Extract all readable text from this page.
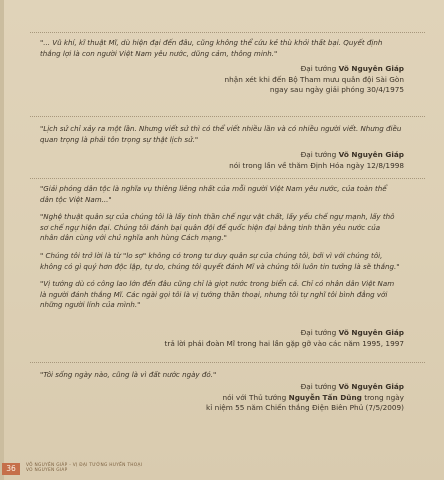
"... Vũ khí, kĩ thuật Mĩ, dù hiện đại đến đâu, cũng không thể cứu kẻ thù khỏi thất bại. Quyết định
thắng lợi là con người Việt Nam yêu nước, dũng cảm, thông minh."
Đại tướng Võ Nguyên Giáp
nhận xét khi đến Bộ Tham mưu quân đội Sài Gòn
ngay sau ngày giải phóng 30/4/1975
"Lịch sử chỉ xảy ra một lần. Nhưng viết sử thì có thể viết nhiều lần và có nhiều người viết. Nhưng điều
quan trọng là phải tôn trọng sự thật lịch sử."
Đại tướng Võ Nguyên Giáp
nói trong lần về thăm Định Hóa ngày 12/8/1998
"Giải phóng dân tộc là nghĩa vụ thiêng liêng nhất của mỗi người Việt Nam yêu nước, của toàn thể
dân tộc Việt Nam..."
"Nghệ thuật quân sự của chúng tôi là lấy tinh thần chế ngự vật chất, lấy yếu chế ngự mạnh, lấy thô
sơ chế ngự hiện đại. Chúng tôi đánh bại quân đội đế quốc hiện đại bằng tinh thần yêu nước của
nhân dân cùng với chủ nghĩa anh hùng Cách mạng."
" Chúng tôi trở lời là từ "lo sợ" không có trong tư duy quân sự của chúng tôi, bởi vì với chúng tôi,
không có gì quý hơn độc lập, tự do, chúng tôi quyết đánh Mĩ và chúng tôi luôn tin tưởng là sẽ thắng."
"Vị tướng dù có công lao lớn đến đâu cũng chỉ là giọt nước trong biển cả. Chỉ có nhân dân Việt Nam
là người đánh thắng Mĩ. Các ngài gọi tôi là vị tướng thần thoại, nhưng tôi tự nghĩ tôi bình đẳng với
những người lính của mình."
Đại tướng Võ Nguyên Giáp
trả lời phái đoàn Mĩ trong hai lần gặp gỡ vào các năm 1995, 1997
"Tôi sống ngày nào, cũng là vì đất nước ngày đó."
Đại tướng Võ Nguyên Giáp
nói với Thủ tướng Nguyễn Tấn Dũng trong ngày
kỉ niệm 55 năm Chiến thắng Điện Biên Phủ (7/5/2009)
36	VÕ NGUYÊN GIÁP - VỊ ĐẠI TƯỚNG HUYỀN THOẠI
VO NGUYEN GIAP
